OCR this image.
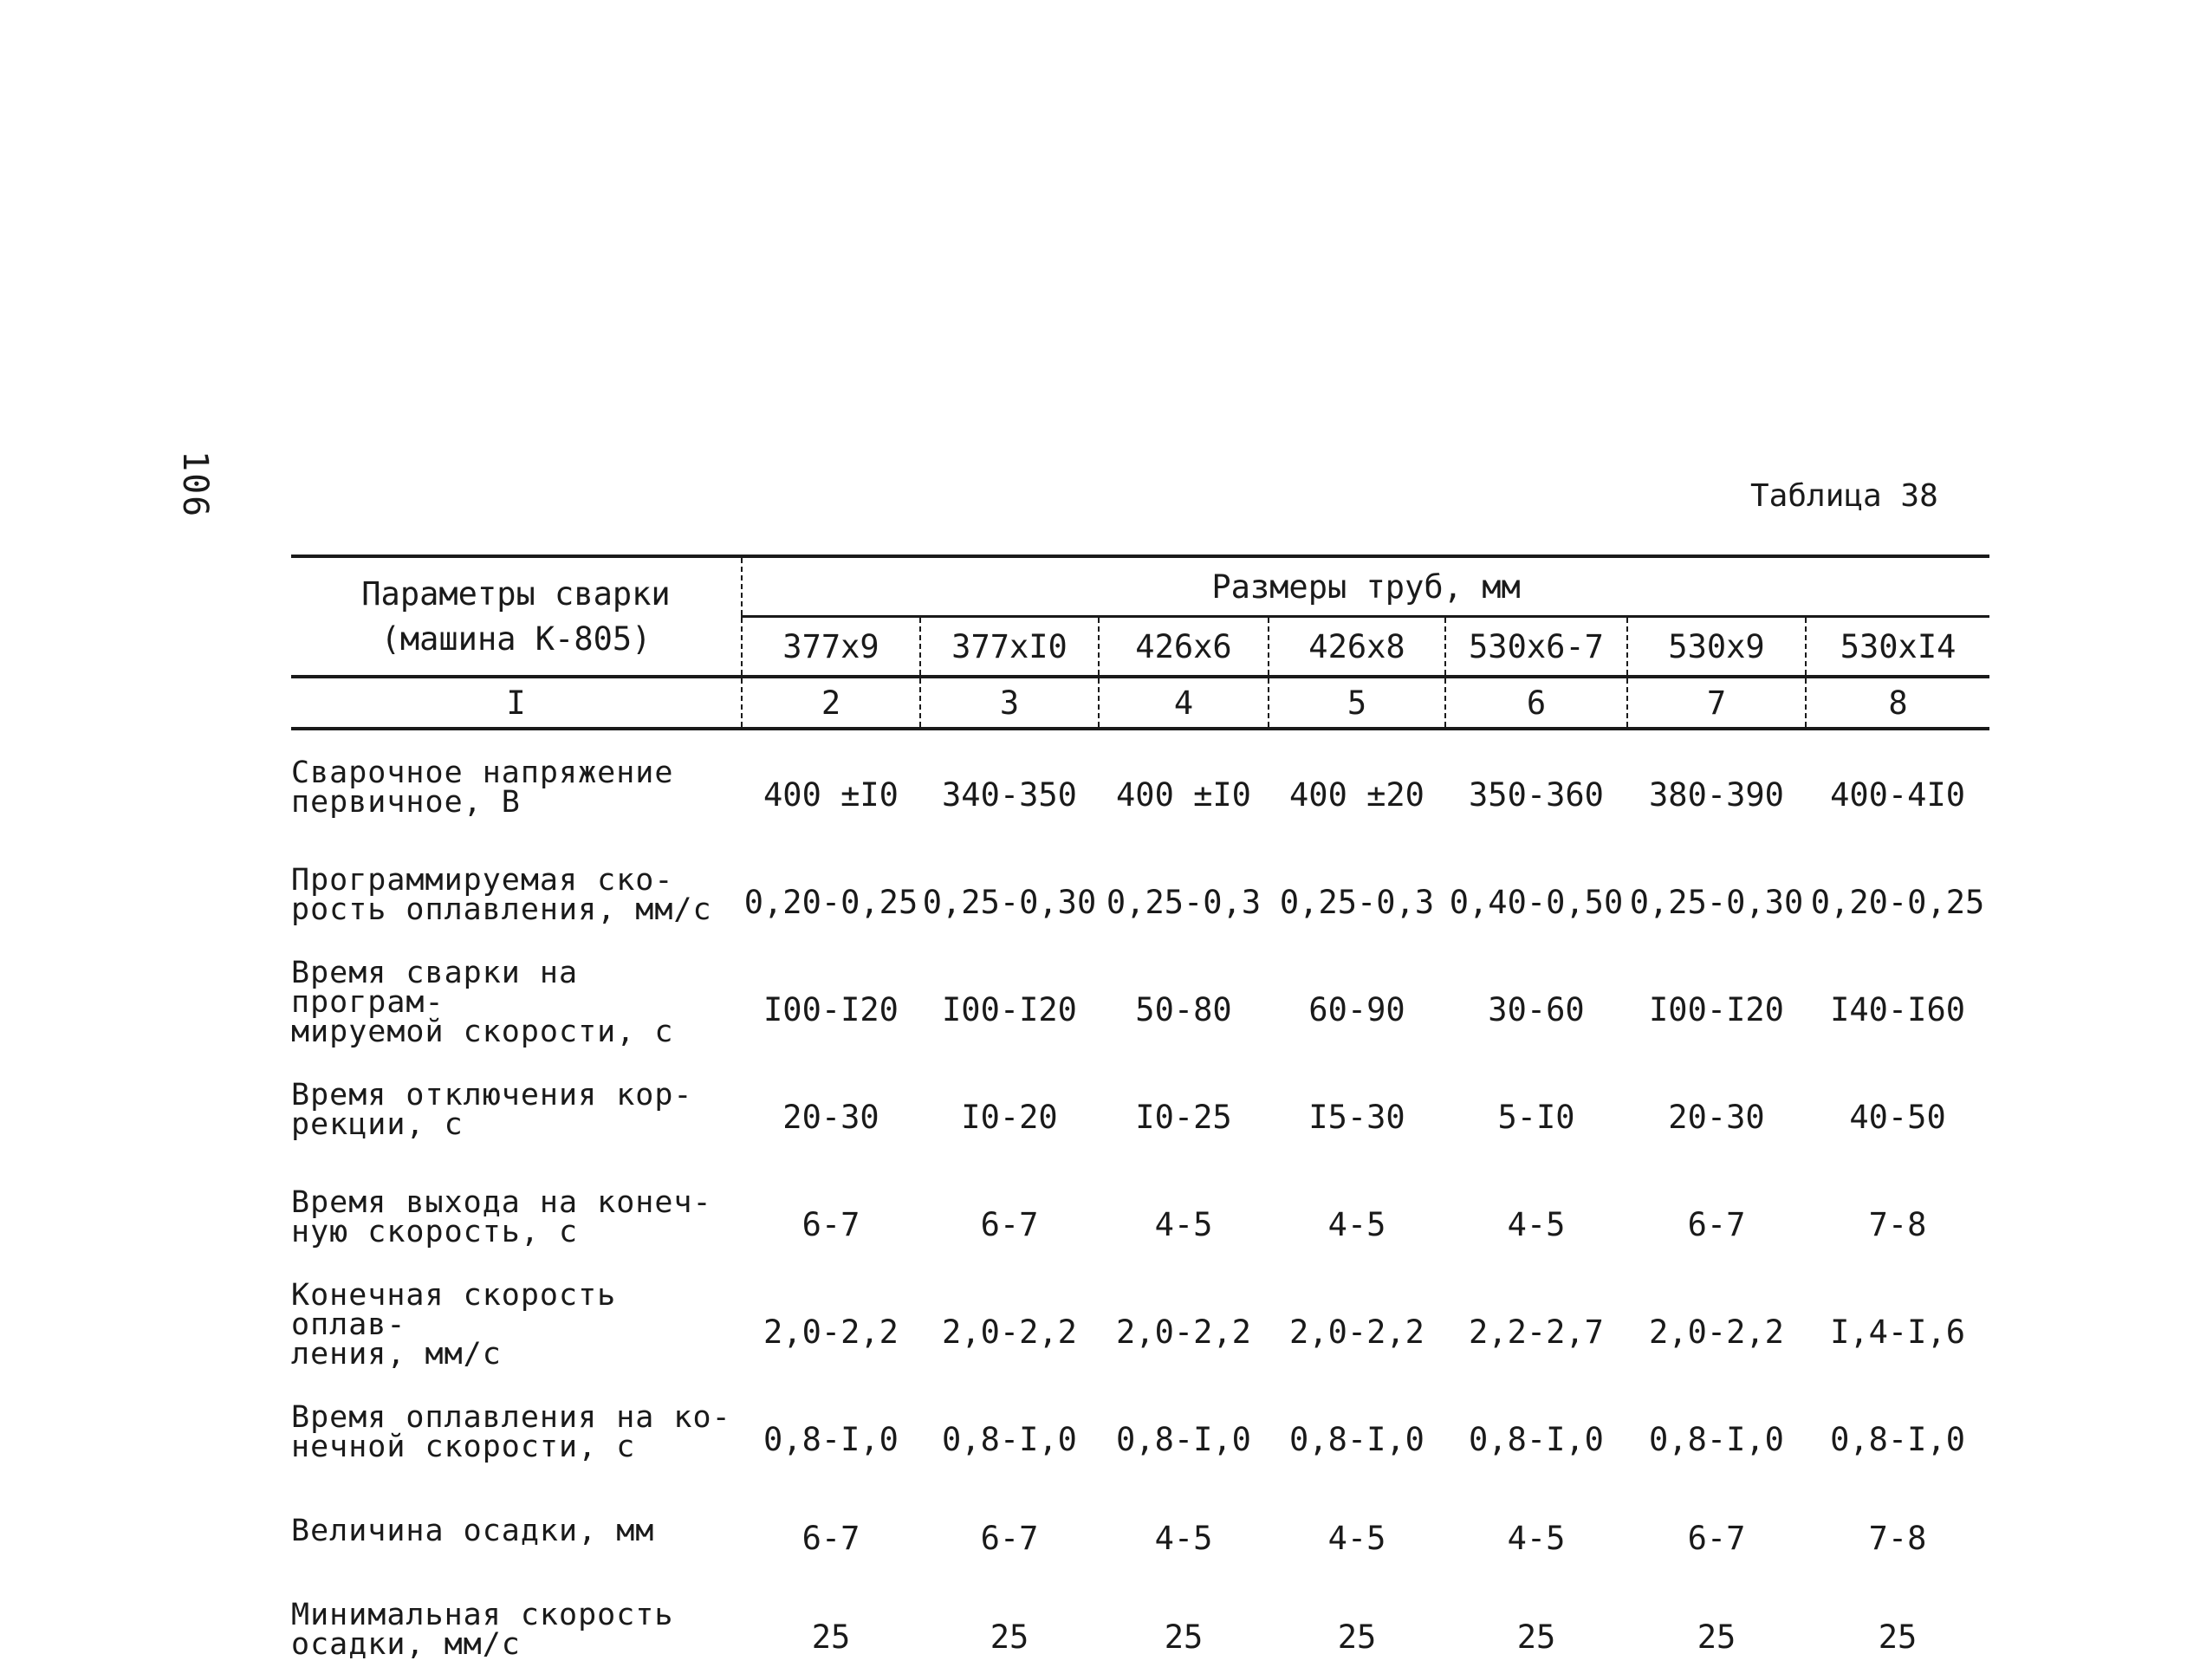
106	Таблица 38
Параметры сварки
(машина К-805)	Размеры труб, мм						
	377x9	377xI0	426x6	426x8	530x6-7	530x9	530xI4
I	2	3	4	5	6	7	8

Сварочное напряжение
первичное, В	400 ±I0	340-350	400 ±I0	400 ±20	350-360	380-390	400-4I0

Программируемая ско-
рость оплавления, мм/с	0,20-0,25	0,25-0,30	0,25-0,3	0,25-0,3	0,40-0,50	0,25-0,30	0,20-0,25

Время сварки на програм-
мируемой скорости, с	I00-I20	I00-I20	50-80	60-90	30-60	I00-I20	I40-I60

Время отключения кор-
рекции, с	20-30	I0-20	I0-25	I5-30	5-I0	20-30	40-50

Время выхода на конеч-
ную скорость, с	6-7	6-7	4-5	4-5	4-5	6-7	7-8

Конечная скорость оплав-
ления, мм/с	2,0-2,2	2,0-2,2	2,0-2,2	2,0-2,2	2,2-2,7	2,0-2,2	I,4-I,6

Время оплавления на ко-
нечной скорости, с	0,8-I,0	0,8-I,0	0,8-I,0	0,8-I,0	0,8-I,0	0,8-I,0	0,8-I,0

Величина осадки, мм	6-7	6-7	4-5	4-5	4-5	6-7	7-8

Минимальная скорость
осадки, мм/с	25	25	25	25	25	25	25
